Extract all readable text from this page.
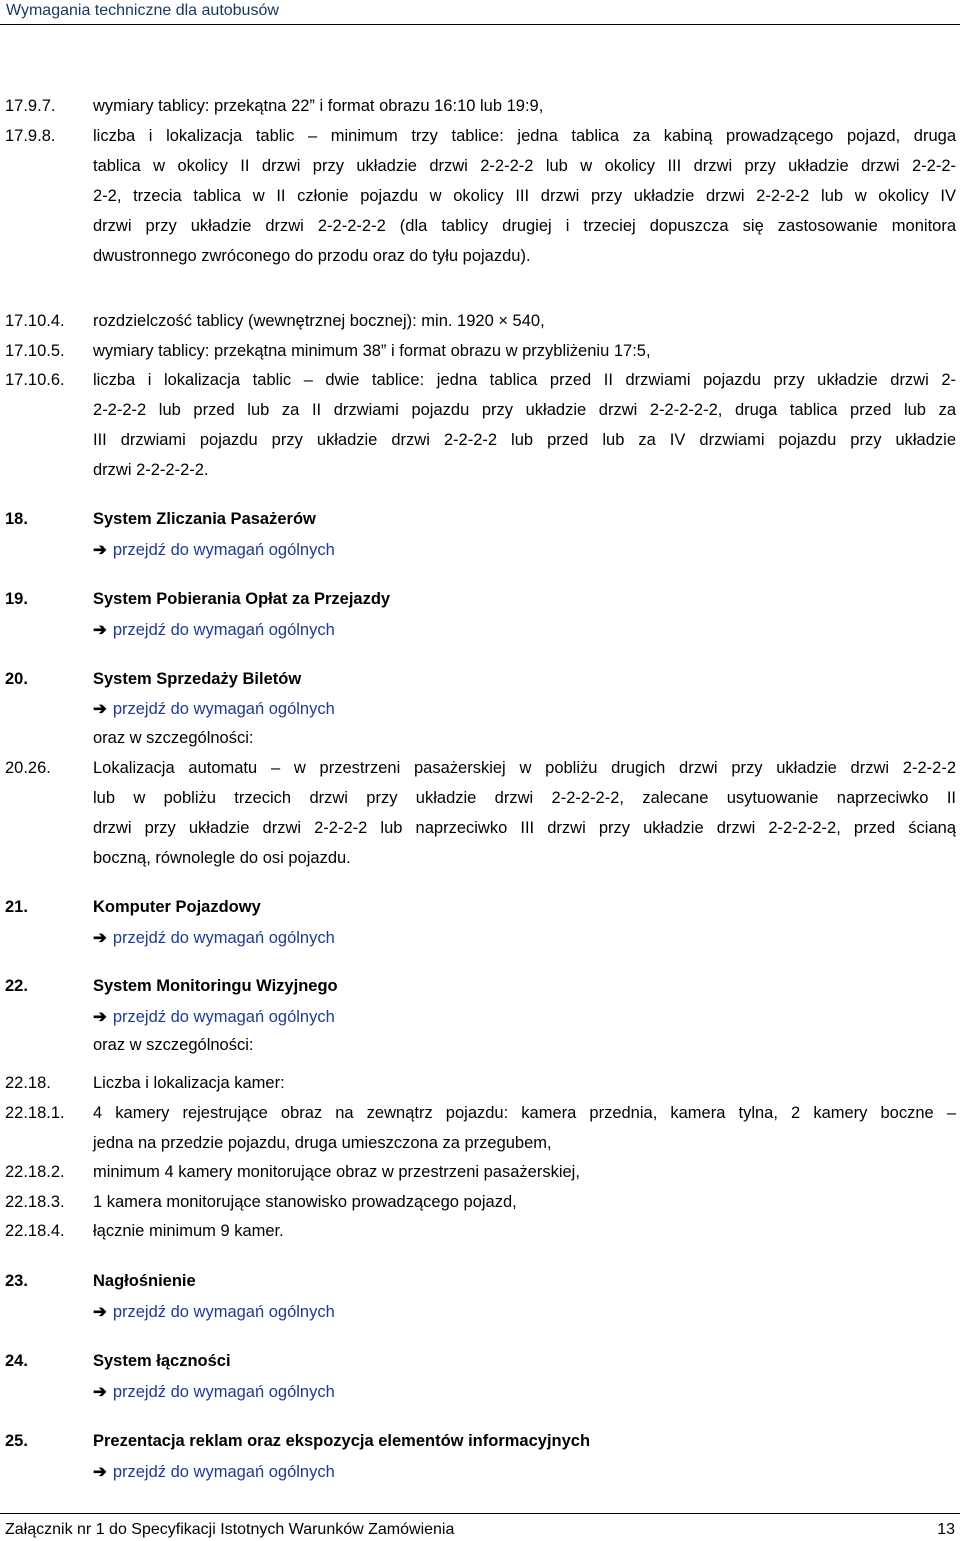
Wymagania techniczne dla autobusów
17.9.7. wymiary tablicy: przekątna 22” i format obrazu 16:10 lub 19:9,
17.9.8. liczba i lokalizacja tablic – minimum trzy tablice: jedna tablica za kabiną prowadzącego pojazd, druga
tablica w okolicy II drzwi przy układzie drzwi 2-2-2-2 lub w okolicy III drzwi przy układzie drzwi 2-2-2-
2-2, trzecia tablica w II członie pojazdu w okolicy III drzwi przy układzie drzwi 2-2-2-2 lub w okolicy IV
drzwi przy układzie drzwi 2-2-2-2-2 (dla tablicy drugiej i trzeciej dopuszcza się zastosowanie monitora
dwustronnego zwróconego do przodu oraz do tyłu pojazdu).
17.10.4. rozdzielczość tablicy (wewnętrznej bocznej): min. 1920 × 540,
17.10.5. wymiary tablicy: przekątna minimum 38” i format obrazu w przybliżeniu 17:5,
17.10.6. liczba i lokalizacja tablic – dwie tablice: jedna tablica przed II drzwiami pojazdu przy układzie drzwi 2-
2-2-2-2 lub przed lub za II drzwiami pojazdu przy układzie drzwi 2-2-2-2-2, druga tablica przed lub za
III drzwiami pojazdu przy układzie drzwi 2-2-2-2 lub przed lub za IV drzwiami pojazdu przy układzie
drzwi 2-2-2-2-2.
18.	System Zliczania Pasażerów
➔ przejdź do wymagań ogólnych
19.	System Pobierania Opłat za Przejazdy
➔ przejdź do wymagań ogólnych
20.	System Sprzedaży Biletów
➔ przejdź do wymagań ogólnych
oraz w szczególności:
20.26.	Lokalizacja automatu – w przestrzeni pasażerskiej w pobliżu drugich drzwi przy układzie drzwi 2-2-2-2
lub w pobliżu trzecich drzwi przy układzie drzwi 2-2-2-2-2, zalecane usytuowanie naprzeciwko II
drzwi przy układzie drzwi 2-2-2-2 lub naprzeciwko III drzwi przy układzie drzwi 2-2-2-2-2, przed ścianą
boczną, równolegle do osi pojazdu.
21.	Komputer Pojazdowy
➔ przejdź do wymagań ogólnych
22.	System Monitoringu Wizyjnego
➔ przejdź do wymagań ogólnych
oraz w szczególności:
22.18.	Liczba i lokalizacja kamer:
22.18.1. 4 kamery rejestrujące obraz na zewnątrz pojazdu: kamera przednia, kamera tylna, 2 kamery boczne –
jedna na przedzie pojazdu, druga umieszczona za przegubem,
22.18.2. minimum 4 kamery monitorujące obraz w przestrzeni pasażerskiej,
22.18.3. 1 kamera monitorujące stanowisko prowadzącego pojazd,
22.18.4. łącznie minimum 9 kamer.
23.	Nagłośnienie
➔ przejdź do wymagań ogólnych
24.	System łączności
➔ przejdź do wymagań ogólnych
25.	Prezentacja reklam oraz ekspozycja elementów informacyjnych
➔ przejdź do wymagań ogólnych
Załącznik nr 1 do Specyfikacji Istotnych Warunków Zamówienia	13
